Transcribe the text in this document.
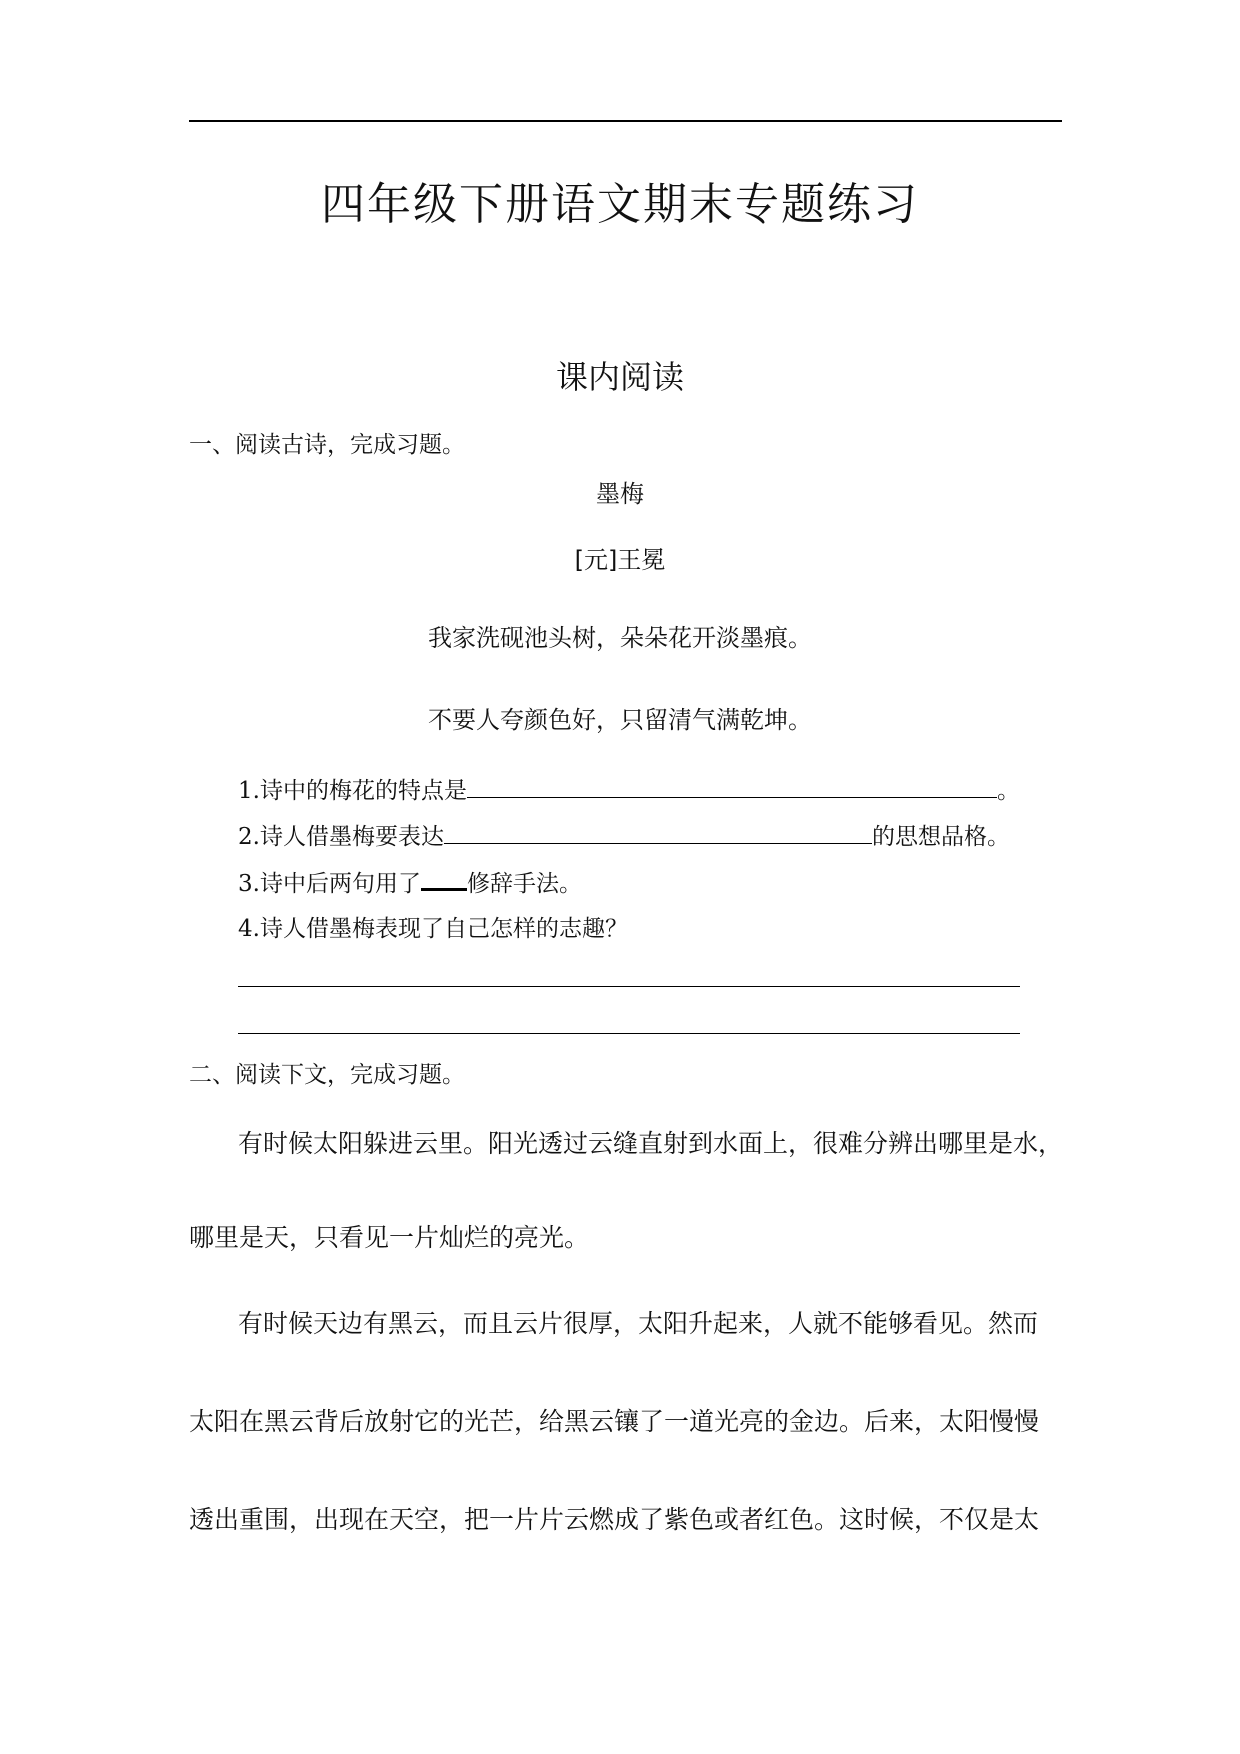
四年级下册语文期末专题练习
课内阅读
一、阅读古诗，完成习题。
墨梅
[元]王冕
我家洗砚池头树，朵朵花开淡墨痕。
不要人夸颜色好，只留清气满乾坤。
1.诗中的梅花的特点是	。
2.诗人借墨梅要表达	的思想品格。
3.诗中后两句用了 修辞手法。
4.诗人借墨梅表现了自己怎样的志趣？
二、阅读下文，完成习题。
有时候太阳躲进云里。阳光透过云缝直射到水面上，很难分辨出哪里是水，
哪里是天，只看见一片灿烂的亮光。
有时候天边有黑云，而且云片很厚，太阳升起来，人就不能够看见。然而
太阳在黑云背后放射它的光芒，给黑云镶了一道光亮的金边。后来，太阳慢慢
透出重围，出现在天空，把一片片云燃成了紫色或者红色。这时候，不仅是太
